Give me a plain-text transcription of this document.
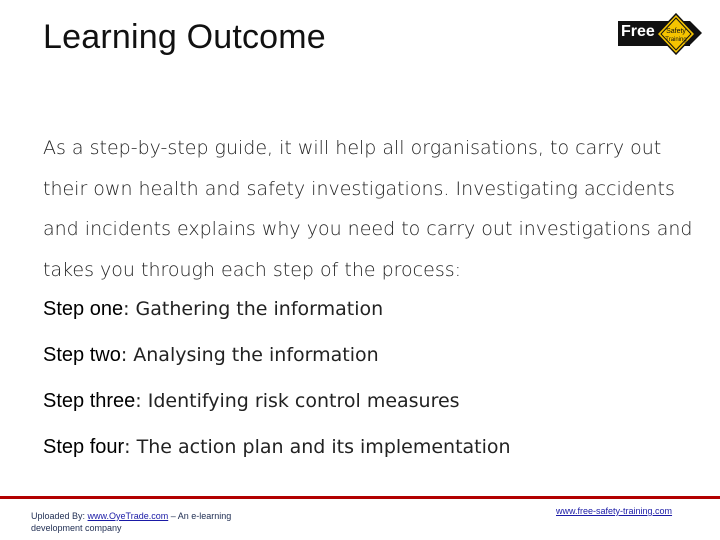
Learning Outcome	Free Safety
Training
As a step-by-step guide, it will help all organisations, to carry out their own health and safety investigations. Investigating accidents and incidents explains why you need to carry out investigations and takes you through each step of the process:
Step one: Gathering the information
Step two: Analysing the information
Step three: Identifying risk control measures
Step four: The action plan and its implementation
Uploaded By: www.OyeTrade.com – An e-learning development company
www.free-safety-training.com
